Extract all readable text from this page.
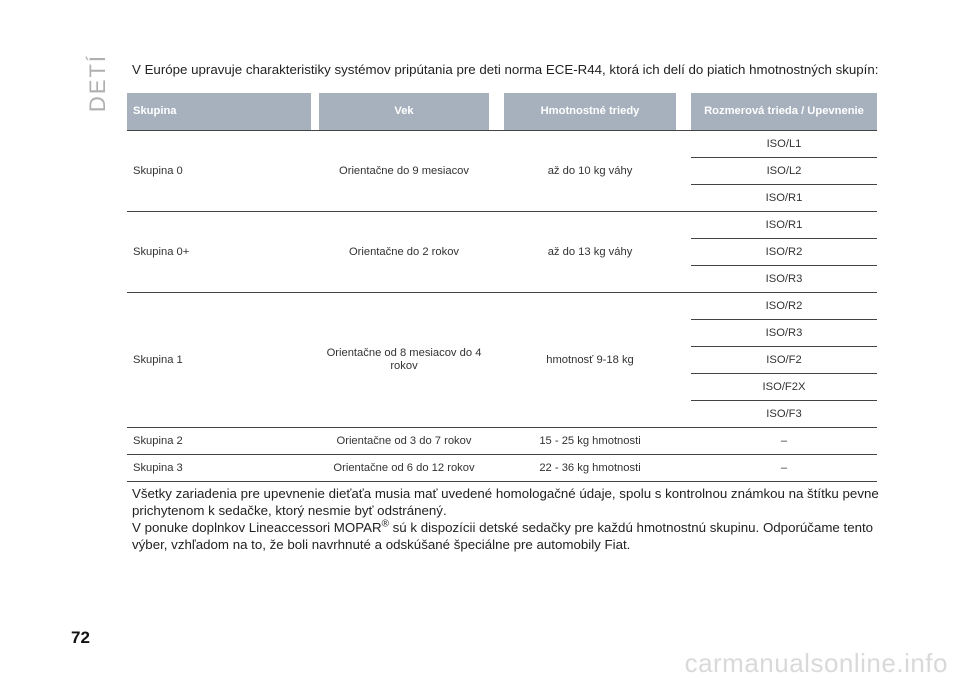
DETÍ V Európe upravuje charakteristiky systémov pripútania pre deti norma ECE-R44, ktorá ich delí do piatich hmotnostných skupín:

Skupina		Vek		Hmotnostné triedy		Rozmerová trieda / Upevnenie
Skupina 0		Orientačne do 9 mesiacov		až do 10 kg váhy		ISO/L1
						ISO/L2
						ISO/R1
Skupina 0+		Orientačne do 2 rokov		až do 13 kg váhy		ISO/R1
						ISO/R2
						ISO/R3
Skupina 1		Orientačne od 8 mesiacov do 4 rokov		hmotnosť 9-18 kg		ISO/R2
						ISO/R3
						ISO/F2
						ISO/F2X
						ISO/F3
Skupina 2		Orientačne od 3 do 7 rokov		15 - 25 kg hmotnosti		–
Skupina 3		Orientačne od 6 do 12 rokov		22 - 36 kg hmotnosti		–

Všetky zariadenia pre upevnenie dieťaťa musia mať uvedené homologačné údaje, spolu s kontrolnou známkou na štítku pevne prichytenom k sedačke, ktorý nesmie byť odstránený.

V ponuke doplnkov Lineaccessori MOPAR® sú k dispozícii detské sedačky pre každú hmotnostnú skupinu. Odporúčame tento výber, vzhľadom na to, že boli navrhnuté a odskúšané špeciálne pre automobily Fiat.

72
carmanualsonline.info
